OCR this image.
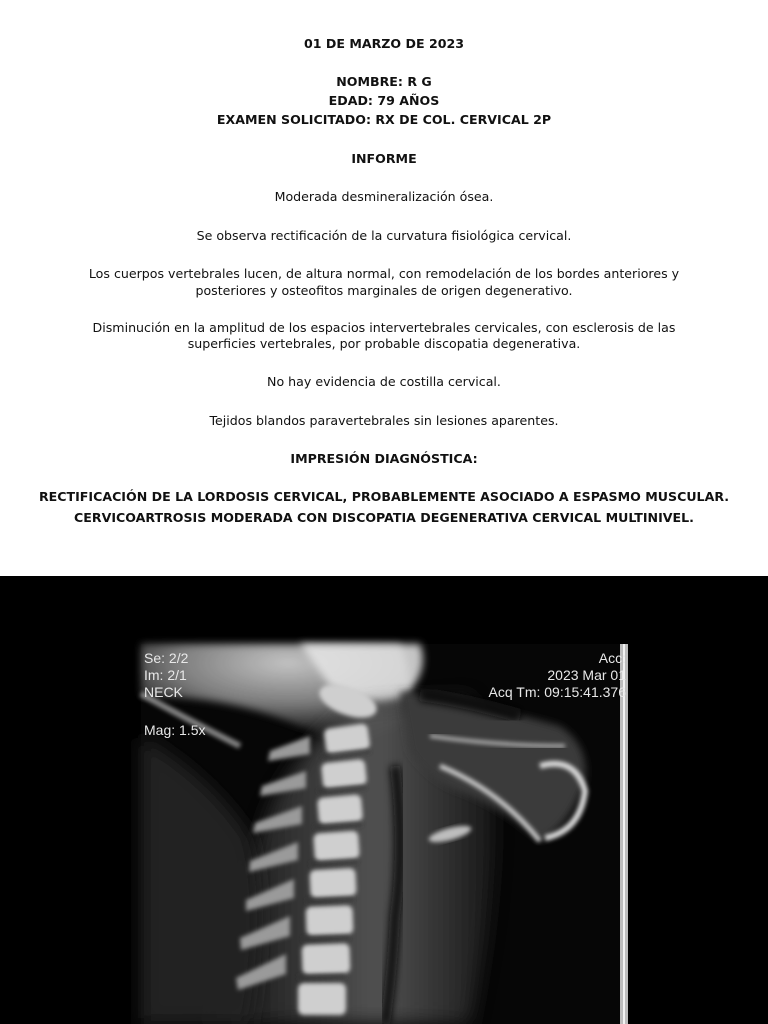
01 DE MARZO DE 2023
NOMBRE: R G
EDAD: 79 AÑOS
EXAMEN SOLICITADO: RX DE COL. CERVICAL 2P
INFORME
Moderada desmineralización ósea.
Se observa rectificación de la curvatura fisiológica cervical.
Los cuerpos vertebrales lucen, de altura normal, con remodelación de los bordes anteriores y
posteriores y osteofitos marginales de origen degenerativo.
Disminución en la amplitud de los espacios intervertebrales cervicales, con esclerosis de las
superficies vertebrales, por probable discopatia degenerativa.
No hay evidencia de costilla cervical.
Tejidos blandos paravertebrales sin lesiones aparentes.
IMPRESIÓN DIAGNÓSTICA:
RECTIFICACIÓN DE LA LORDOSIS CERVICAL, PROBABLEMENTE ASOCIADO A ESPASMO MUSCULAR.
CERVICOARTROSIS MODERADA CON DISCOPATIA DEGENERATIVA CERVICAL MULTINIVEL.
Se: 2/2
Im: 2/1
NECK
Mag: 1.5x
Acc:
2023 Mar 01
Acq Tm: 09:15:41.376
